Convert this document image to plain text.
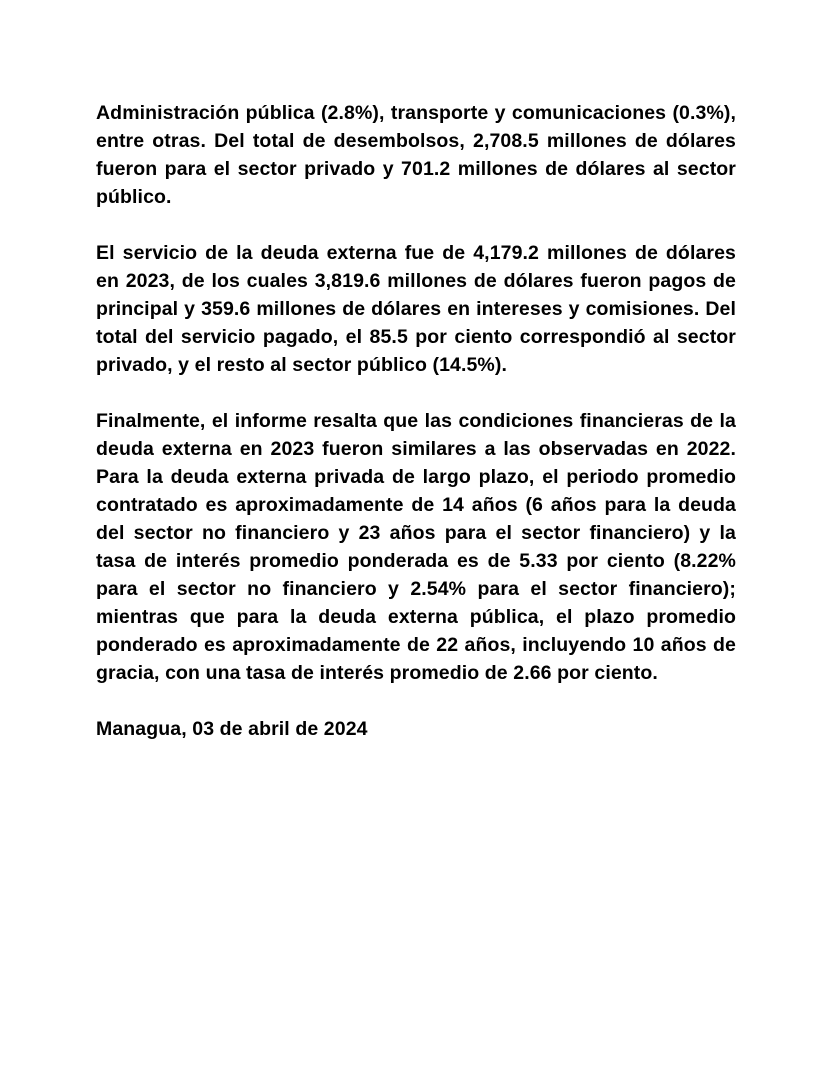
Administración pública (2.8%), transporte y comunicaciones (0.3%), entre otras. Del total de desembolsos, 2,708.5 millones de dólares fueron para el sector privado y 701.2 millones de dólares al sector público.

El servicio de la deuda externa fue de 4,179.2 millones de dólares en 2023, de los cuales 3,819.6 millones de dólares fueron pagos de principal y 359.6 millones de dólares en intereses y comisiones. Del total del servicio pagado, el 85.5 por ciento correspondió al sector privado, y el resto al sector público (14.5%).

Finalmente, el informe resalta que las condiciones financieras de la deuda externa en 2023 fueron similares a las observadas en 2022. Para la deuda externa privada de largo plazo, el periodo promedio contratado es aproximadamente de 14 años (6 años para la deuda del sector no financiero y 23 años para el sector financiero) y la tasa de interés promedio ponderada es de 5.33 por ciento (8.22% para el sector no financiero y 2.54% para el sector financiero); mientras que para la deuda externa pública, el plazo promedio ponderado es aproximadamente de 22 años, incluyendo 10 años de gracia, con una tasa de interés promedio de 2.66 por ciento.

Managua, 03 de abril de 2024
